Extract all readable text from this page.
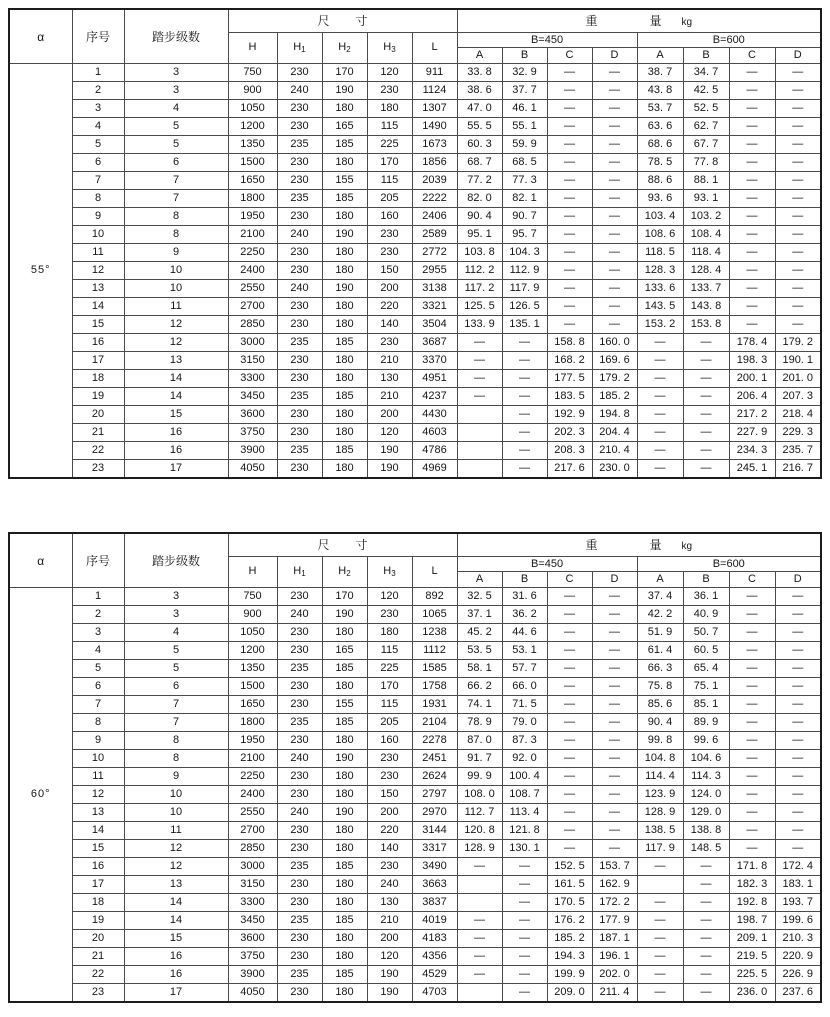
α	序号	踏步级数	尺 寸					重 量 kg							
			H	$H_1$	$H_2$	$H_3$	L	B=450				B=600			
								A	B	C	D	A	B	C	D
55°	1	3	750	230	170	120	911	33. 8	32. 9	—	—	38. 7	34. 7	—	—
	2	3	900	240	190	230	1124	38. 6	37. 7	—	—	43. 8	42. 5	—	—
	3	4	1050	230	180	180	1307	47. 0	46. 1	—	—	53. 7	52. 5	—	—
	4	5	1200	230	165	115	1490	55. 5	55. 1	—	—	63. 6	62. 7	—	—
	5	5	1350	235	185	225	1673	60. 3	59. 9	—	—	68. 6	67. 7	—	—
	6	6	1500	230	180	170	1856	68. 7	68. 5	—	—	78. 5	77. 8	—	—
	7	7	1650	230	155	115	2039	77. 2	77. 3	—	—	88. 6	88. 1	—	—
	8	7	1800	235	185	205	2222	82. 0	82. 1	—	—	93. 6	93. 1	—	—
	9	8	1950	230	180	160	2406	90. 4	90. 7	—	—	103. 4	103. 2	—	—
	10	8	2100	240	190	230	2589	95. 1	95. 7	—	—	108. 6	108. 4	—	—
	11	9	2250	230	180	230	2772	103. 8	104. 3	—	—	118. 5	118. 4	—	—
	12	10	2400	230	180	150	2955	112. 2	112. 9	—	—	128. 3	128. 4	—	—
	13	10	2550	240	190	200	3138	117. 2	117. 9	—	—	133. 6	133. 7	—	—
	14	11	2700	230	180	220	3321	125. 5	126. 5	—	—	143. 5	143. 8	—	—
	15	12	2850	230	180	140	3504	133. 9	135. 1	—	—	153. 2	153. 8	—	—
	16	12	3000	235	185	230	3687	—	—	158. 8	160. 0	—	—	178. 4	179. 2
	17	13	3150	230	180	210	3370	—	—	168. 2	169. 6	—	—	198. 3	190. 1
	18	14	3300	230	180	130	4951	—	—	177. 5	179. 2	—	—	200. 1	201. 0
	19	14	3450	235	185	210	4237	—	—	183. 5	185. 2	—	—	206. 4	207. 3
	20	15	3600	230	180	200	4430		—	192. 9	194. 8	—	—	217. 2	218. 4
	21	16	3750	230	180	120	4603		—	202. 3	204. 4	—	—	227. 9	229. 3
	22	16	3900	235	185	190	4786		—	208. 3	210. 4	—	—	234. 3	235. 7
	23	17	4050	230	180	190	4969		—	217. 6	230. 0	—	—	245. 1	216. 7
α	序号	踏步级数	尺 寸					重 量 kg							
			H	$H_1$	$H_2$	$H_3$	L	B=450				B=600			
								A	B	C	D	A	B	C	D
60°	1	3	750	230	170	120	892	32. 5	31. 6	—	—	37. 4	36. 1	—	—
	2	3	900	240	190	230	1065	37. 1	36. 2	—	—	42. 2	40. 9	—	—
	3	4	1050	230	180	180	1238	45. 2	44. 6	—	—	51. 9	50. 7	—	—
	4	5	1200	230	165	115	1112	53. 5	53. 1	—	—	61. 4	60. 5	—	—
	5	5	1350	235	185	225	1585	58. 1	57. 7	—	—	66. 3	65. 4	—	—
	6	6	1500	230	180	170	1758	66. 2	66. 0	—	—	75. 8	75. 1	—	—
	7	7	1650	230	155	115	1931	74. 1	71. 5	—	—	85. 6	85. 1	—	—
	8	7	1800	235	185	205	2104	78. 9	79. 0	—	—	90. 4	89. 9	—	—
	9	8	1950	230	180	160	2278	87. 0	87. 3	—	—	99. 8	99. 6	—	—
	10	8	2100	240	190	230	2451	91. 7	92. 0	—	—	104. 8	104. 6	—	—
	11	9	2250	230	180	230	2624	99. 9	100. 4	—	—	114. 4	114. 3	—	—
	12	10	2400	230	180	150	2797	108. 0	108. 7	—	—	123. 9	124. 0	—	—
	13	10	2550	240	190	200	2970	112. 7	113. 4	—	—	128. 9	129. 0	—	—
	14	11	2700	230	180	220	3144	120. 8	121. 8	—	—	138. 5	138. 8	—	—
	15	12	2850	230	180	140	3317	128. 9	130. 1	—	—	117. 9	148. 5	—	—
	16	12	3000	235	185	230	3490	—	—	152. 5	153. 7	—	—	171. 8	172. 4
	17	13	3150	230	180	240	3663		—	161. 5	162. 9		—	182. 3	183. 1
	18	14	3300	230	180	130	3837		—	170. 5	172. 2	—	—	192. 8	193. 7
	19	14	3450	235	185	210	4019	—	—	176. 2	177. 9	—	—	198. 7	199. 6
	20	15	3600	230	180	200	4183	—	—	185. 2	187. 1	—	—	209. 1	210. 3
	21	16	3750	230	180	120	4356	—	—	194. 3	196. 1	—	—	219. 5	220. 9
	22	16	3900	235	185	190	4529	—	—	199. 9	202. 0	—	—	225. 5	226. 9
	23	17	4050	230	180	190	4703		—	209. 0	211. 4	—	—	236. 0	237. 6
